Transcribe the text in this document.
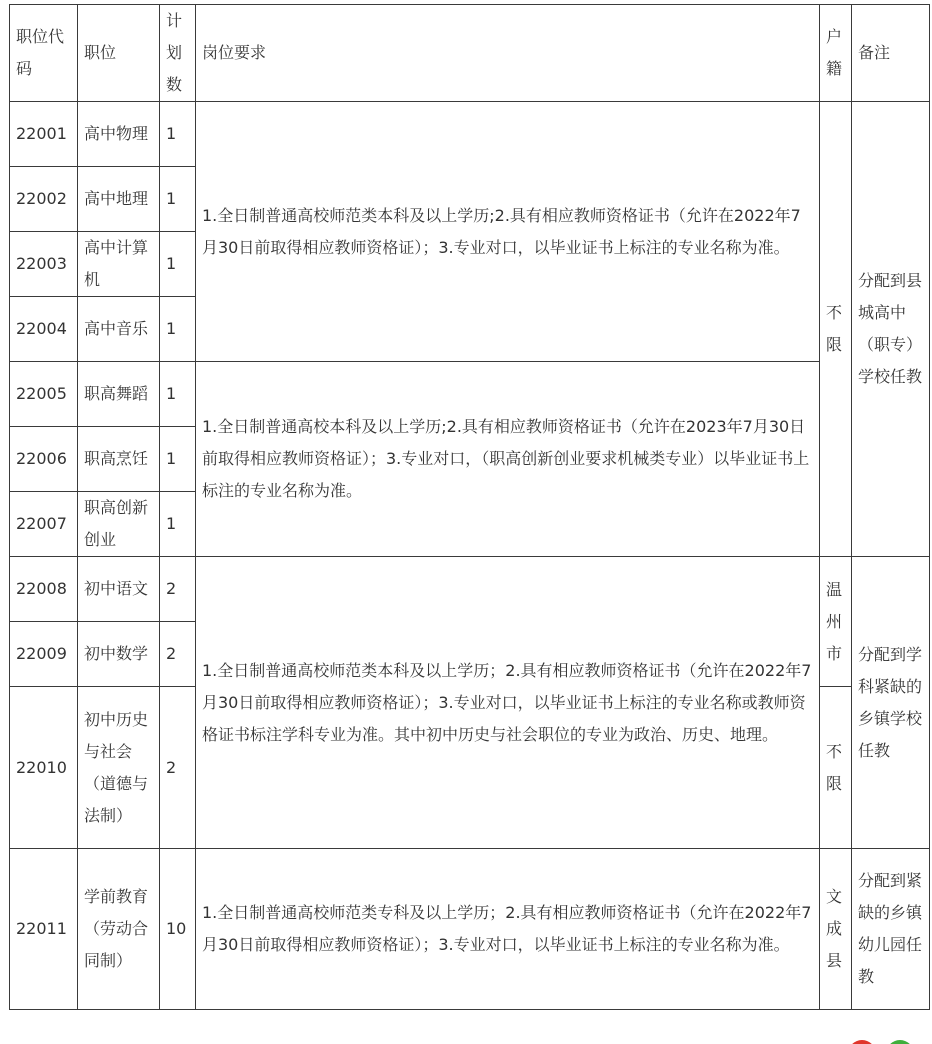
职位代码	职位	计划数	岗位要求	户籍	备注
22001	高中物理	1	1.全日制普通高校师范类本科及以上学历;2.具有相应教师资格证书（允许在2022年7月30日前取得相应教师资格证）；3.专业对口，以毕业证书上标注的专业名称为准。	不限	分配到县城高中（职专）学校任教
22002	高中地理	1			
22003	高中计算机	1			
22004	高中音乐	1			
22005	职高舞蹈	1	1.全日制普通高校本科及以上学历;2.具有相应教师资格证书（允许在2023年7月30日前取得相应教师资格证）；3.专业对口，（职高创新创业要求机械类专业）以毕业证书上标注的专业名称为准。		
22006	职高烹饪	1			
22007	职高创新创业	1			
22008	初中语文	2	1.全日制普通高校师范类本科及以上学历；2.具有相应教师资格证书（允许在2022年7月30日前取得相应教师资格证）；3.专业对口，以毕业证书上标注的专业名称或教师资格证书标注学科专业为准。其中初中历史与社会职位的专业为政治、历史、地理。	温州市	分配到学科紧缺的乡镇学校任教
22009	初中数学	2			
22010	初中历史与社会（道德与法制）	2		不限	
22011	学前教育（劳动合同制）	10	1.全日制普通高校师范类专科及以上学历；2.具有相应教师资格证书（允许在2022年7月30日前取得相应教师资格证）；3.专业对口，以毕业证书上标注的专业名称为准。	文成县	分配到紧缺的乡镇幼儿园任教
